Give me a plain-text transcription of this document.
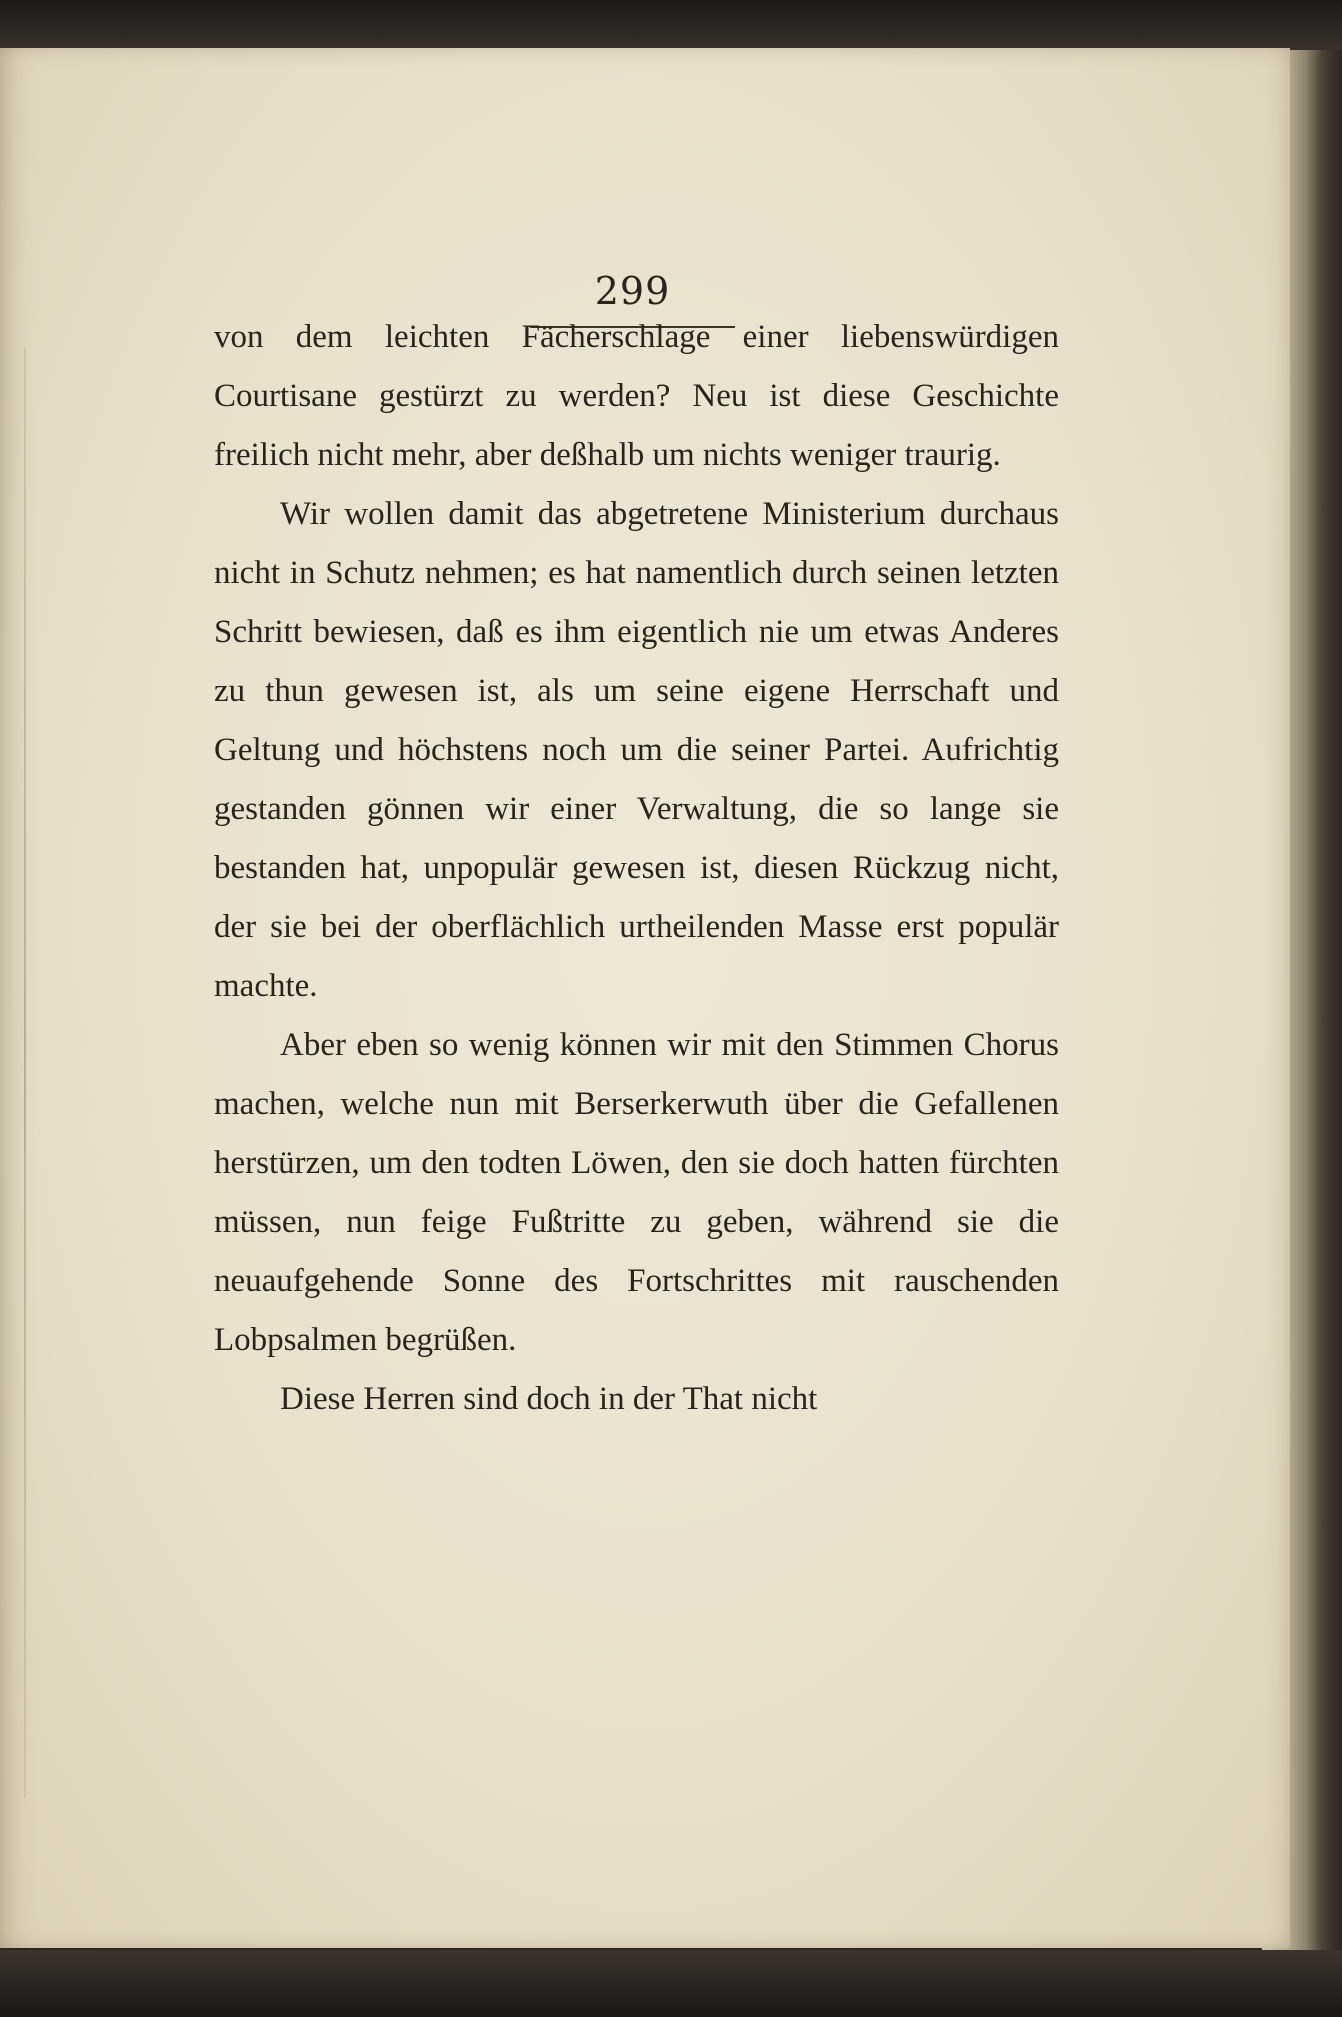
299

von dem leichten Fächerschlage einer liebenswürdigen Courtisane gestürzt zu werden? Neu ist diese Geschichte freilich nicht mehr, aber deßhalb um nichts weniger traurig.

Wir wollen damit das abgetretene Ministerium durchaus nicht in Schutz nehmen; es hat namentlich durch seinen letzten Schritt bewiesen, daß es ihm eigentlich nie um etwas Anderes zu thun gewesen ist, als um seine eigene Herrschaft und Geltung und höchstens noch um die seiner Partei. Aufrichtig gestanden gönnen wir einer Verwaltung, die so lange sie bestanden hat, unpopulär gewesen ist, diesen Rückzug nicht, der sie bei der oberflächlich urtheilenden Masse erst populär machte.

Aber eben so wenig können wir mit den Stimmen Chorus machen, welche nun mit Berserkerwuth über die Gefallenen herstürzen, um den todten Löwen, den sie doch hatten fürchten müssen, nun feige Fußtritte zu geben, während sie die neuaufgehende Sonne des Fortschrittes mit rauschenden Lobpsalmen begrüßen.

Diese Herren sind doch in der That nicht
